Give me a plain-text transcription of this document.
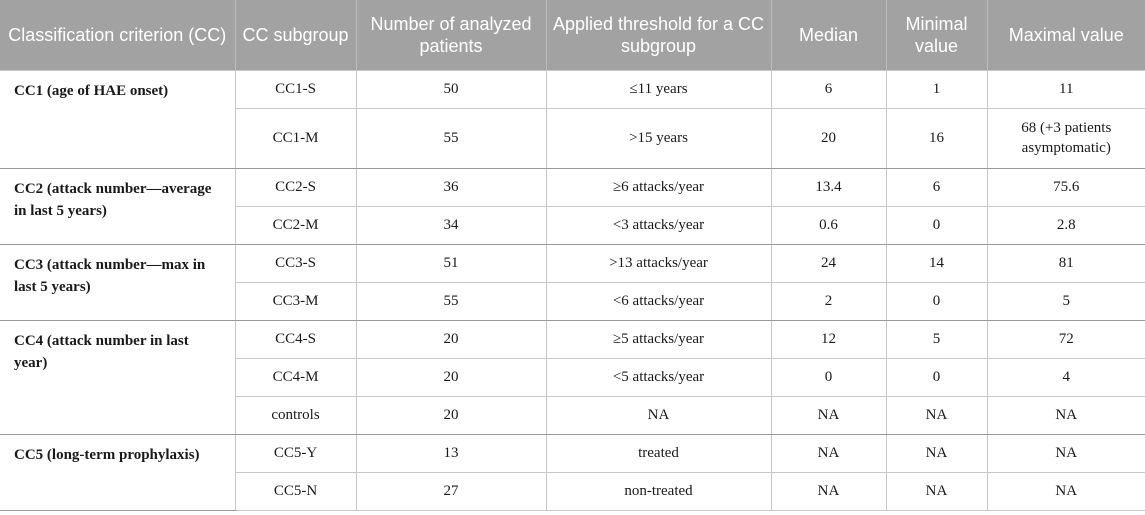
Classification criterion (CC)	CC subgroup	Number of analyzed patients	Applied threshold for a CC subgroup	Median	Minimal value	Maximal value
CC1 (age of HAE onset)	CC1-S	50	≤11 years	6	1	11
	CC1-M	55	>15 years	20	16	68 (+3 patients asymptomatic)
CC2 (attack number—average in last 5 years)	CC2-S	36	≥6 attacks/year	13.4	6	75.6
	CC2-M	34	<3 attacks/year	0.6	0	2.8
CC3 (attack number—max in last 5 years)	CC3-S	51	>13 attacks/year	24	14	81
	CC3-M	55	<6 attacks/year	2	0	5
CC4 (attack number in last year)	CC4-S	20	≥5 attacks/year	12	5	72
	CC4-M	20	<5 attacks/year	0	0	4
	controls	20	NA	NA	NA	NA
CC5 (long-term prophylaxis)	CC5-Y	13	treated	NA	NA	NA
	CC5-N	27	non-treated	NA	NA	NA
